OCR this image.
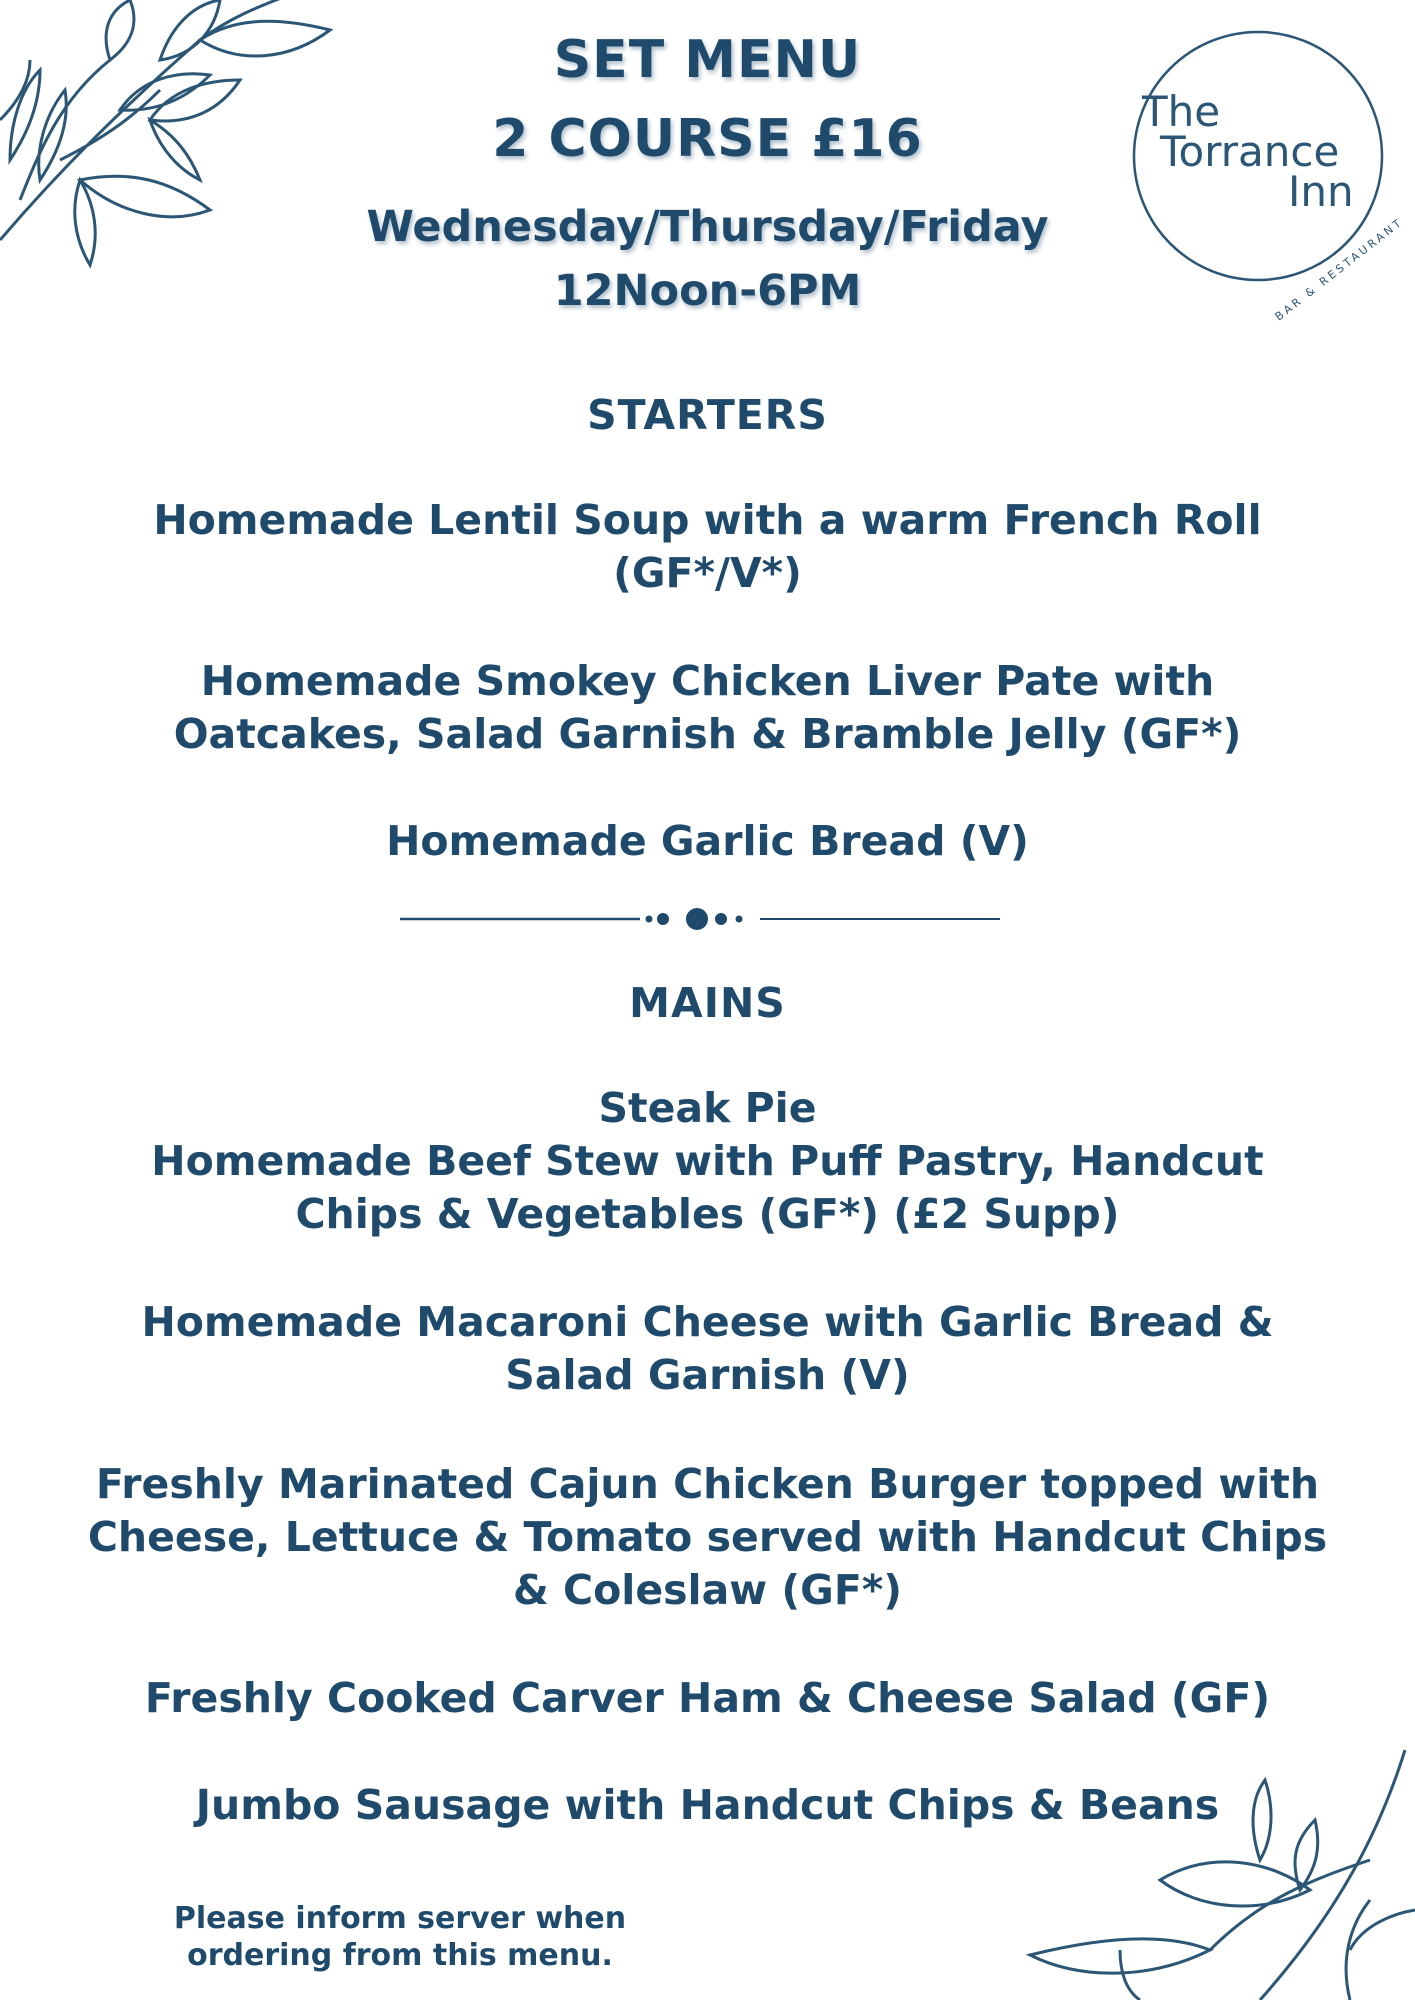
The
Torrance
Inn
BAR & RESTAURANT
SET MENU
2 COURSE £16
Wednesday/Thursday/Friday
12Noon-6PM
STARTERS
Homemade Lentil Soup with a warm French Roll
(GF*/V*)
Homemade Smokey Chicken Liver Pate with
Oatcakes, Salad Garnish & Bramble Jelly (GF*)
Homemade Garlic Bread (V)
MAINS
Steak Pie
Homemade Beef Stew with Puff Pastry, Handcut
Chips & Vegetables (GF*) (£2 Supp)
Homemade Macaroni Cheese with Garlic Bread &
Salad Garnish (V)
Freshly Marinated Cajun Chicken Burger topped with
Cheese, Lettuce & Tomato served with Handcut Chips
& Coleslaw (GF*)
Freshly Cooked Carver Ham & Cheese Salad (GF)
Jumbo Sausage with Handcut Chips & Beans
Please inform server when
ordering from this menu.
